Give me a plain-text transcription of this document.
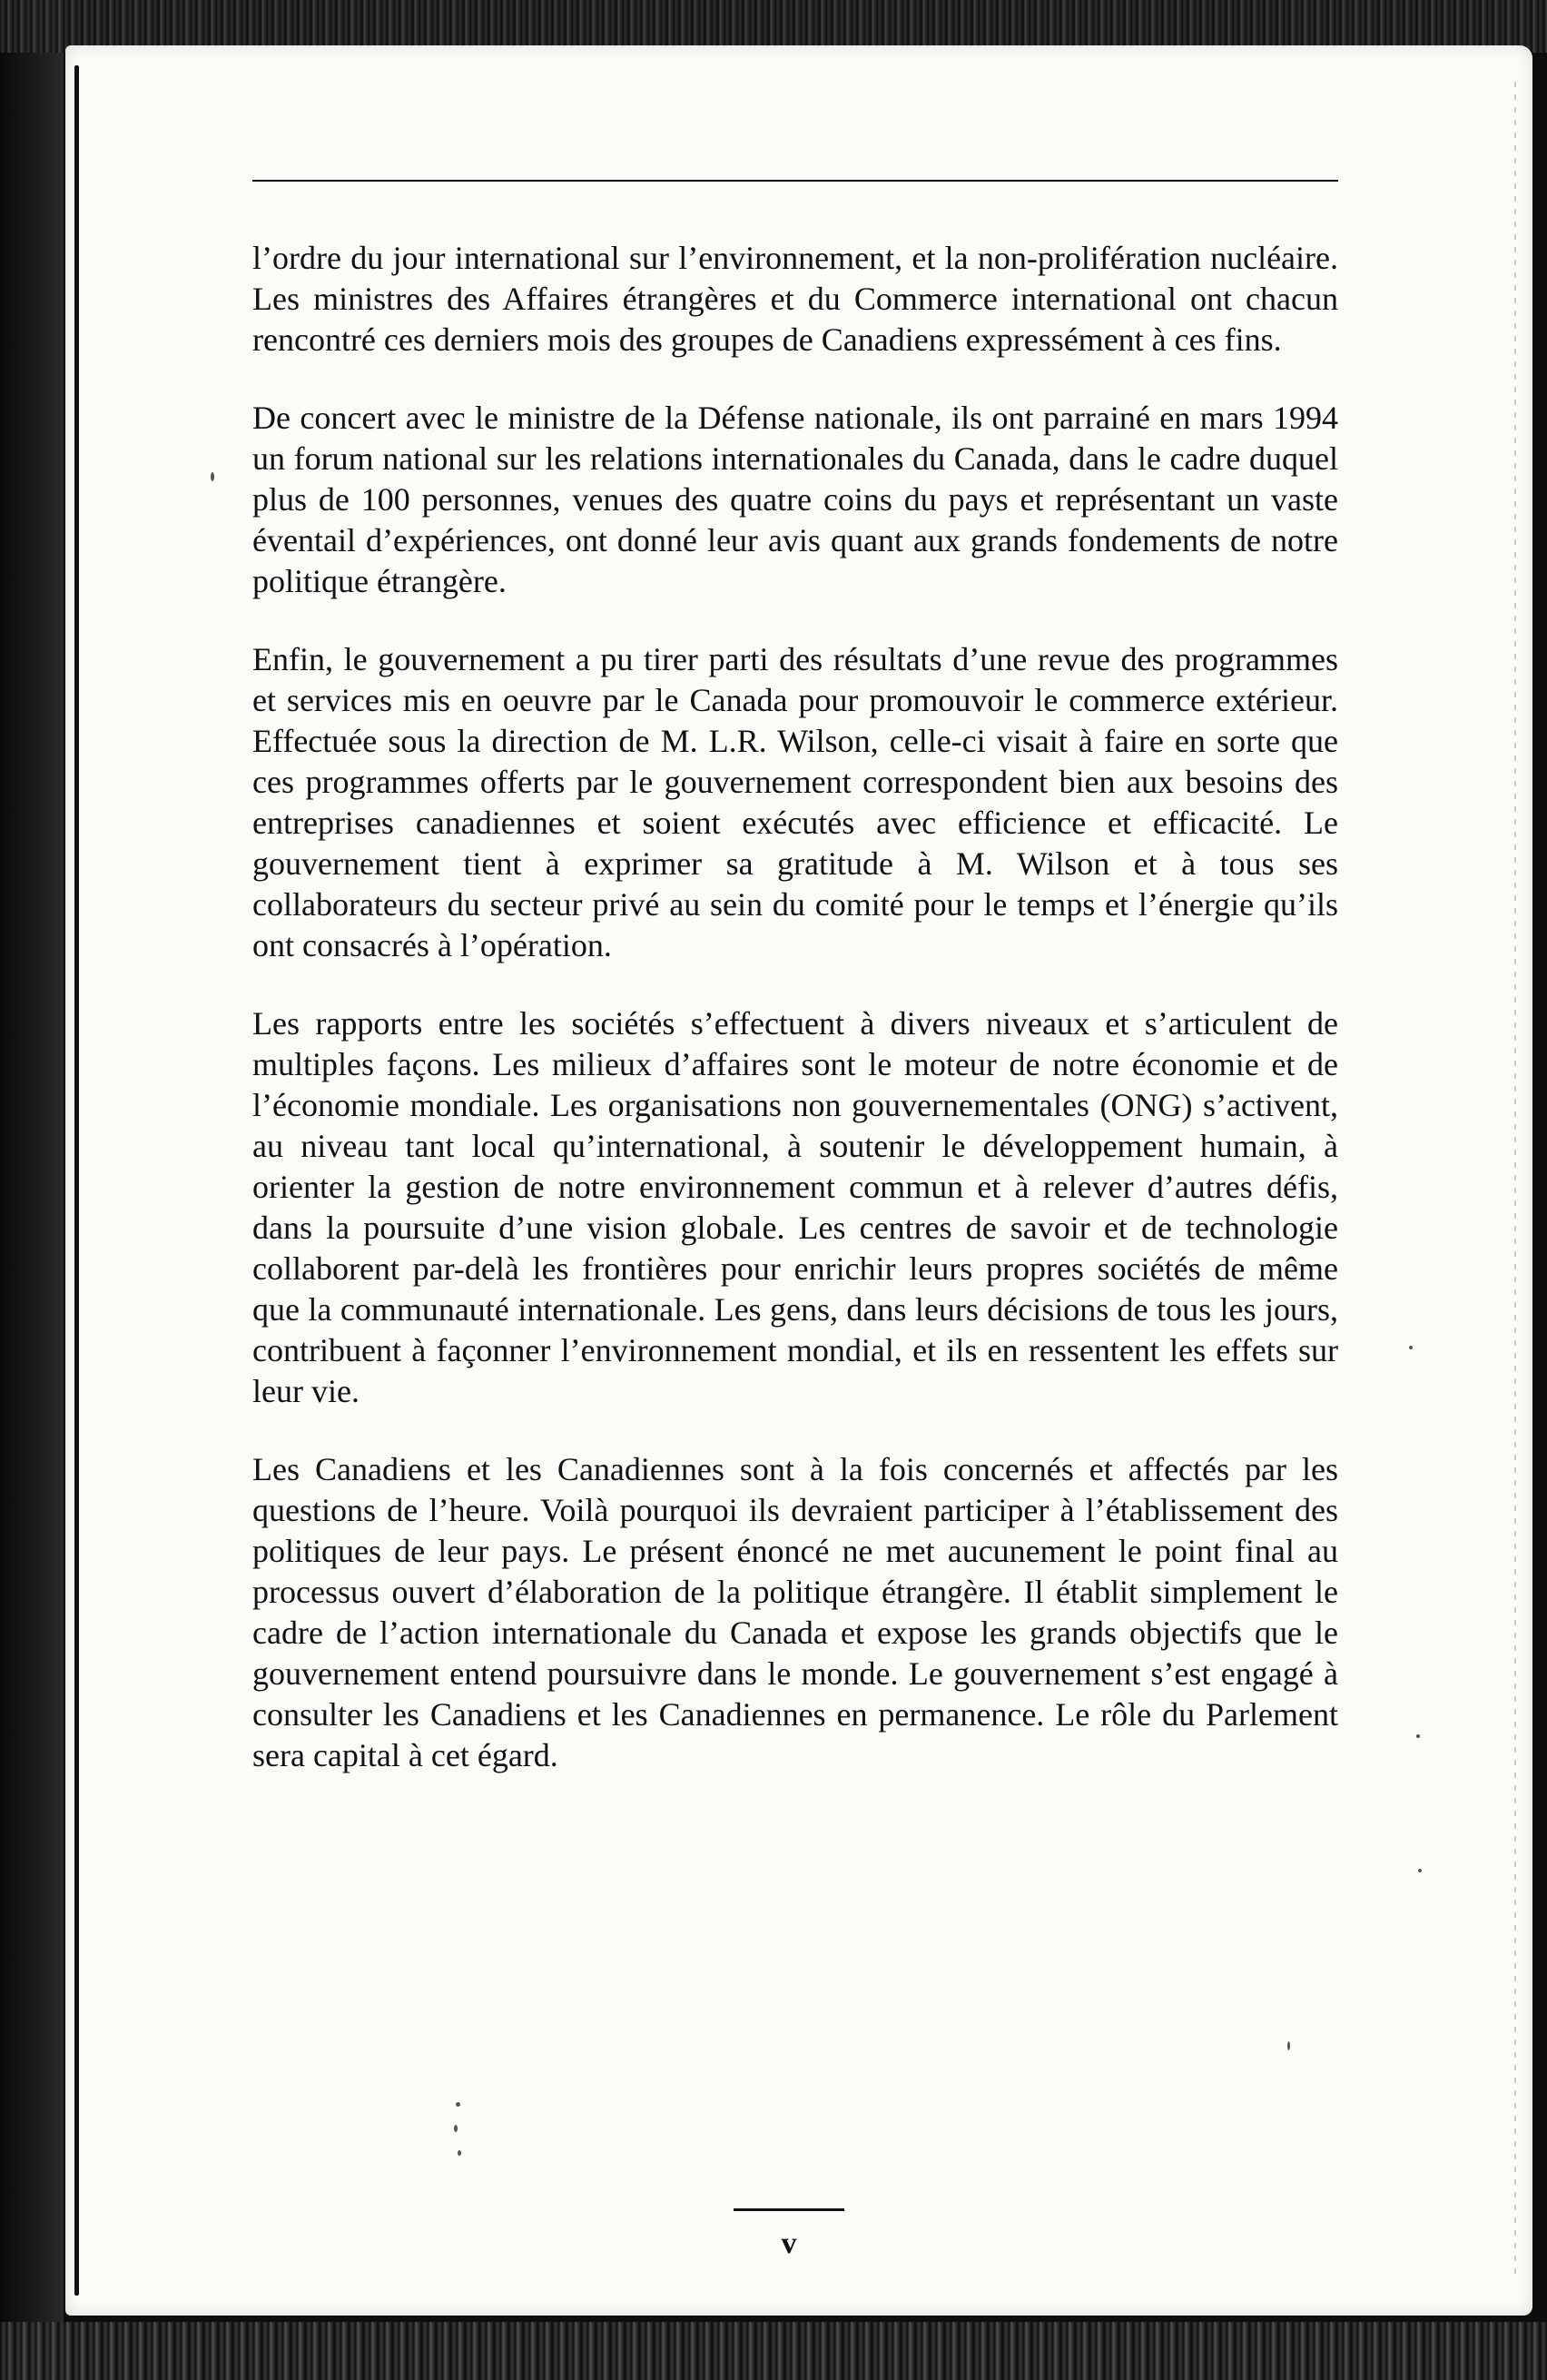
l’ordre du jour international sur l’environnement, et la non-prolifération nucléaire. Les ministres des Affaires étrangères et du Commerce international ont chacun rencontré ces derniers mois des groupes de Canadiens expressément à ces fins.

De concert avec le ministre de la Défense nationale, ils ont parrainé en mars 1994 un forum national sur les relations internationales du Canada, dans le cadre duquel plus de 100 personnes, venues des quatre coins du pays et représentant un vaste éventail d’expériences, ont donné leur avis quant aux grands fondements de notre politique étrangère.

Enfin, le gouvernement a pu tirer parti des résultats d’une revue des programmes et services mis en oeuvre par le Canada pour promouvoir le commerce extérieur. Effectuée sous la direction de M. L.R. Wilson, celle-ci visait à faire en sorte que ces programmes offerts par le gouvernement correspondent bien aux besoins des entreprises canadiennes et soient exécutés avec efficience et efficacité. Le gouvernement tient à exprimer sa gratitude à M. Wilson et à tous ses collaborateurs du secteur privé au sein du comité pour le temps et l’énergie qu’ils ont consacrés à l’opération.

Les rapports entre les sociétés s’effectuent à divers niveaux et s’articulent de multiples façons. Les milieux d’affaires sont le moteur de notre économie et de l’économie mondiale. Les organisations non gouvernementales (ONG) s’activent, au niveau tant local qu’international, à soutenir le développement humain, à orienter la gestion de notre environnement commun et à relever d’autres défis, dans la poursuite d’une vision globale. Les centres de savoir et de technologie collaborent par-delà les frontières pour enrichir leurs propres sociétés de même que la communauté internationale. Les gens, dans leurs décisions de tous les jours, contribuent à façonner l’environnement mondial, et ils en ressentent les effets sur leur vie.

Les Canadiens et les Canadiennes sont à la fois concernés et affectés par les questions de l’heure. Voilà pourquoi ils devraient participer à l’établissement des politiques de leur pays. Le présent énoncé ne met aucunement le point final au processus ouvert d’élaboration de la politique étrangère. Il établit simplement le cadre de l’action internationale du Canada et expose les grands objectifs que le gouvernement entend poursuivre dans le monde. Le gouvernement s’est engagé à consulter les Canadiens et les Canadiennes en permanence. Le rôle du Parlement sera capital à cet égard.

v
